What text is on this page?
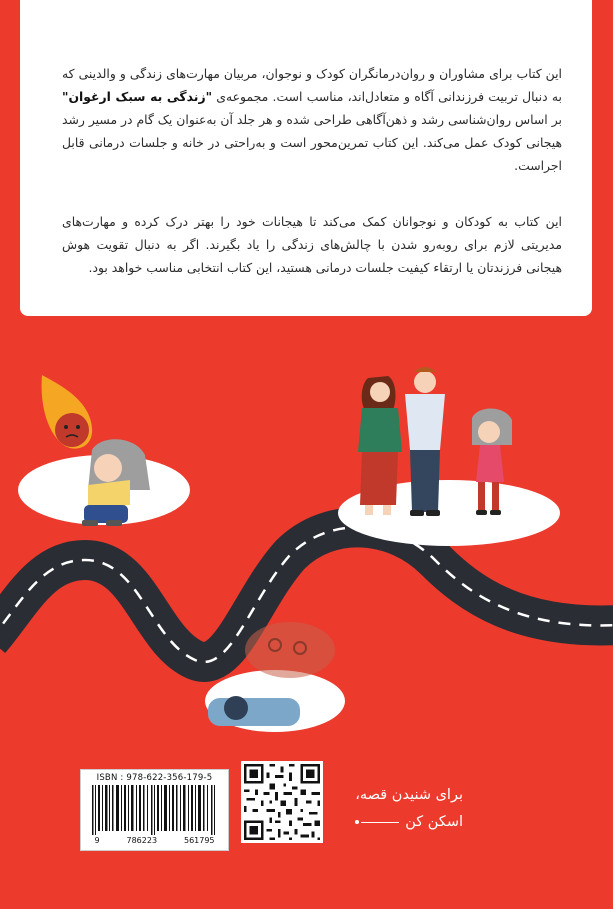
این کتاب برای مشاوران و روان‌درمانگران کودک و نوجوان، مربیان مهارت‌های زندگی و والدینی که به دنبال تربیت فرزندانی آگاه و متعادل‌اند، مناسب است. مجموعه‌ی "زندگی به سبک ارغوان" بر اساس روان‌شناسی رشد و ذهن‌آگاهی طراحی شده و هر جلد آن به‌عنوان یک گام در مسیر رشد هیجانی کودک عمل می‌کند. این کتاب تمرین‌محور است و به‌راحتی در خانه و جلسات درمانی قابل اجراست.

این کتاب به کودکان و نوجوانان کمک می‌کند تا هیجانات خود را بهتر درک کرده و مهارت‌های مدیریتی لازم برای روبه‌رو شدن با چالش‌های زندگی را یاد بگیرند. اگر به دنبال تقویت هوش هیجانی فرزندتان یا ارتقاء کیفیت جلسات درمانی هستید، این کتاب انتخابی مناسب خواهد بود.

ISBN : 978-622-356-179-5
9	786223	561795
برای شنیدن قصه،
اسکن کن
